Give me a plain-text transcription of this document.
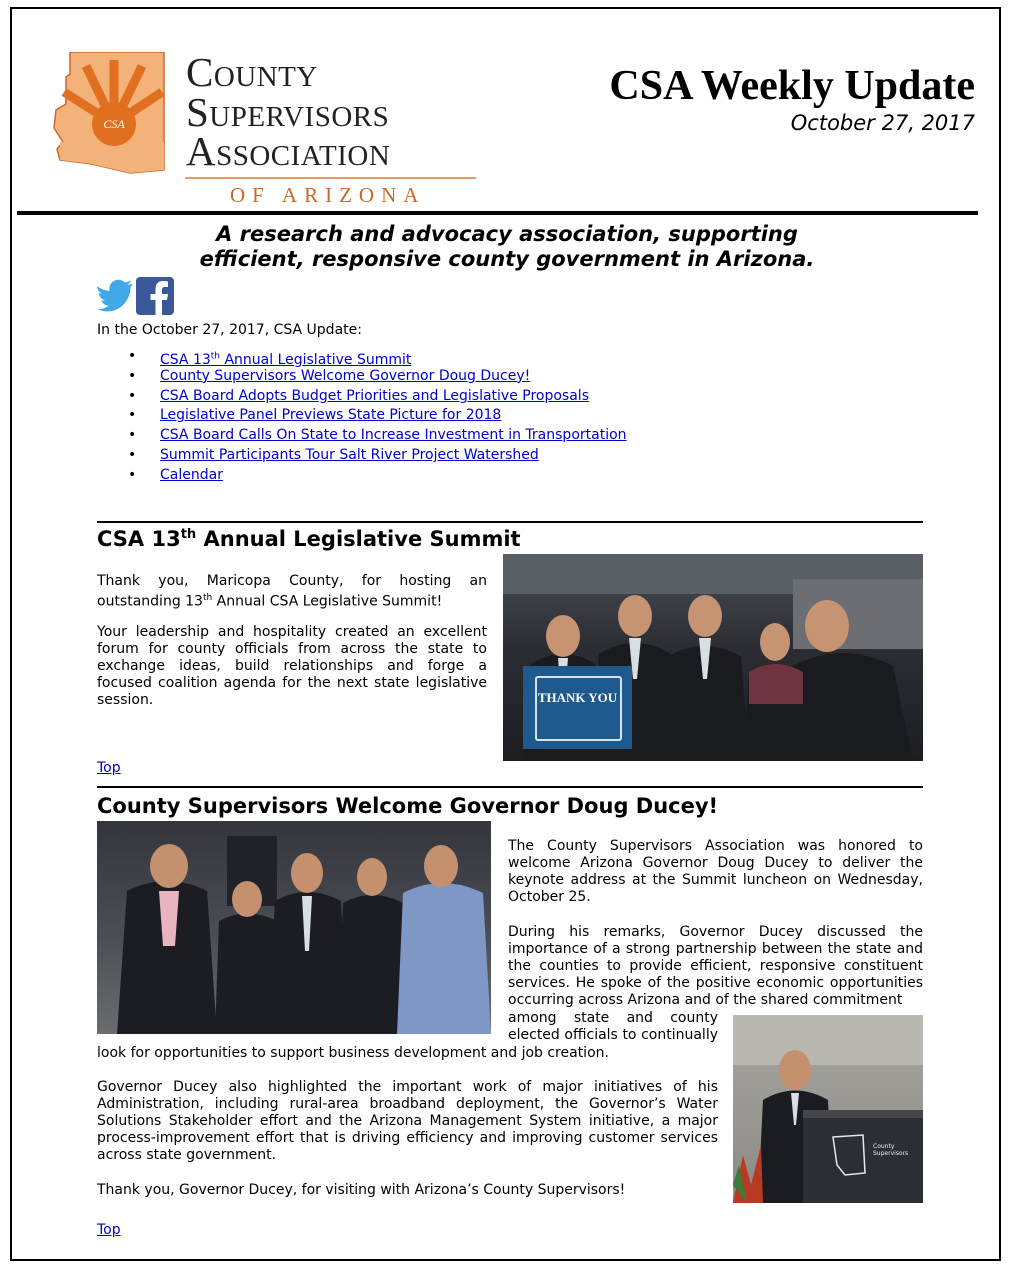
CSA
County
Supervisors
Association
OF ARIZONA
CSA Weekly Update
October 27, 2017
A research and advocacy association, supporting
efficient, responsive county government in Arizona.
In the October 27, 2017, CSA Update:
• CSA 13th Annual Legislative Summit
• County Supervisors Welcome Governor Doug Ducey!
• CSA Board Adopts Budget Priorities and Legislative Proposals
• Legislative Panel Previews State Picture for 2018
• CSA Board Calls On State to Increase Investment in Transportation
• Summit Participants Tour Salt River Project Watershed
• Calendar
CSA 13th Annual Legislative Summit
Thank you, Maricopa County, for hosting an outstanding 13th Annual CSA Legislative Summit!
Your leadership and hospitality created an excellent forum for county officials from across the state to exchange ideas, build relationships and forge a focused coalition agenda for the next state legislative session.	THANK YOU
Top
County Supervisors Welcome Governor Doug Ducey!
The County Supervisors Association was honored to welcome Arizona Governor Doug Ducey to deliver the keynote address at the Summit luncheon on Wednesday, October 25.
During his remarks, Governor Ducey discussed the importance of a strong partnership between the state and the counties to provide efficient, responsive constituent services. He spoke of the positive economic opportunities occurring across Arizona and of the shared commitment
among state and county elected officials to continually
look for opportunities to support business development and job creation.
County Supervisors
Governor Ducey also highlighted the important work of major initiatives of his Administration, including rural-area broadband deployment, the Governor’s Water Solutions Stakeholder effort and the Arizona Management System initiative, a major process-improvement effort that is driving efficiency and improving customer services across state government.
Thank you, Governor Ducey, for visiting with Arizona’s County Supervisors!
Top
